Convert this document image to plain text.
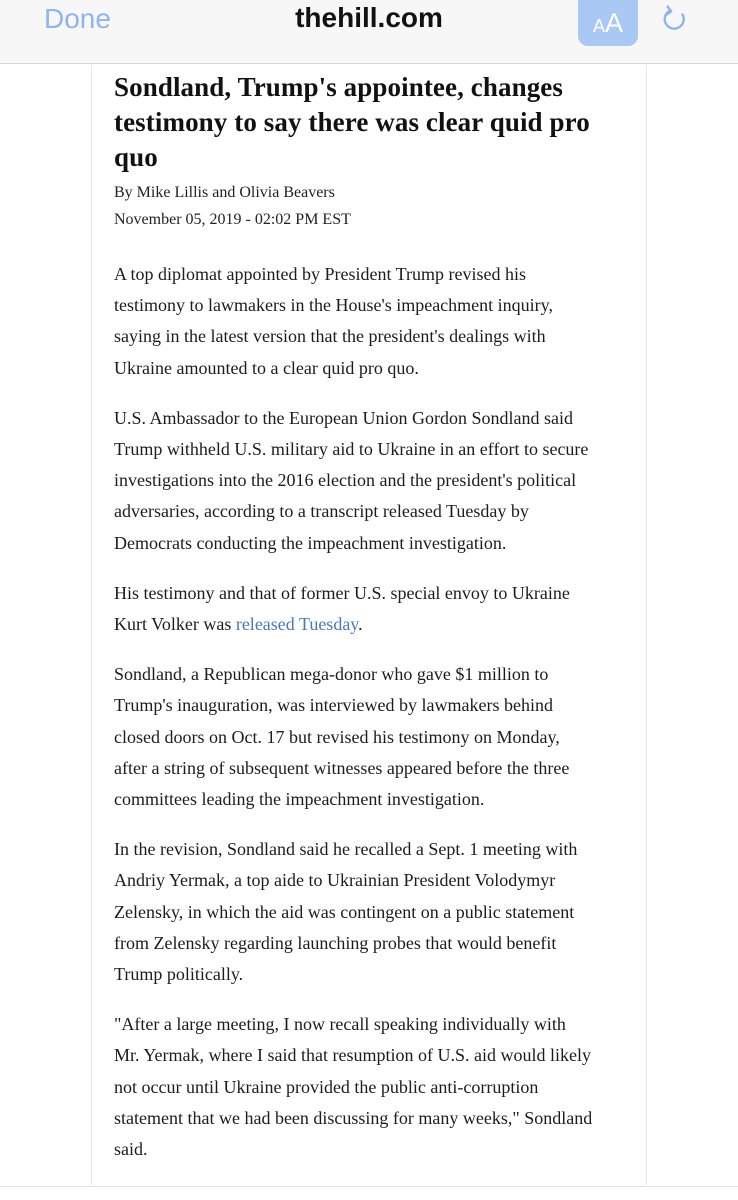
Done	thehill.com	A A
Sondland, Trump's appointee, changes testimony to say there was clear quid pro quo
By Mike Lillis and Olivia Beavers
November 05, 2019 - 02:02 PM EST

A top diplomat appointed by President Trump revised his testimony to lawmakers in the House's impeachment inquiry, saying in the latest version that the president's dealings with Ukraine amounted to a clear quid pro quo.

U.S. Ambassador to the European Union Gordon Sondland said Trump withheld U.S. military aid to Ukraine in an effort to secure investigations into the 2016 election and the president's political adversaries, according to a transcript released Tuesday by Democrats conducting the impeachment investigation.

His testimony and that of former U.S. special envoy to Ukraine Kurt Volker was released Tuesday.

Sondland, a Republican mega-donor who gave $1 million to Trump's inauguration, was interviewed by lawmakers behind closed doors on Oct. 17 but revised his testimony on Monday, after a string of subsequent witnesses appeared before the three committees leading the impeachment investigation.

In the revision, Sondland said he recalled a Sept. 1 meeting with Andriy Yermak, a top aide to Ukrainian President Volodymyr Zelensky, in which the aid was contingent on a public statement from Zelensky regarding launching probes that would benefit Trump politically.

"After a large meeting, I now recall speaking individually with Mr. Yermak, where I said that resumption of U.S. aid would likely not occur until Ukraine provided the public anti-corruption statement that we had been discussing for many weeks," Sondland said.
